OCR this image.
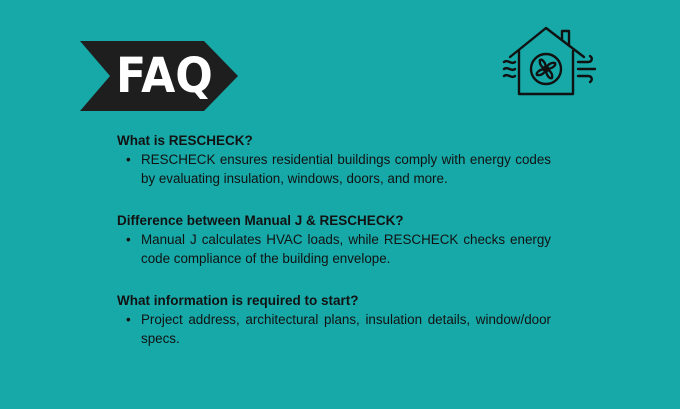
FAQ

What is RESCHECK?

• RESCHECK ensures residential buildings comply with energy codes by evaluating insulation, windows, doors, and more.

Difference between Manual J & RESCHECK?

• Manual J calculates HVAC loads, while RESCHECK checks energy code compliance of the building envelope.

What information is required to start?

• Project address, architectural plans, insulation details, window/door specs.
